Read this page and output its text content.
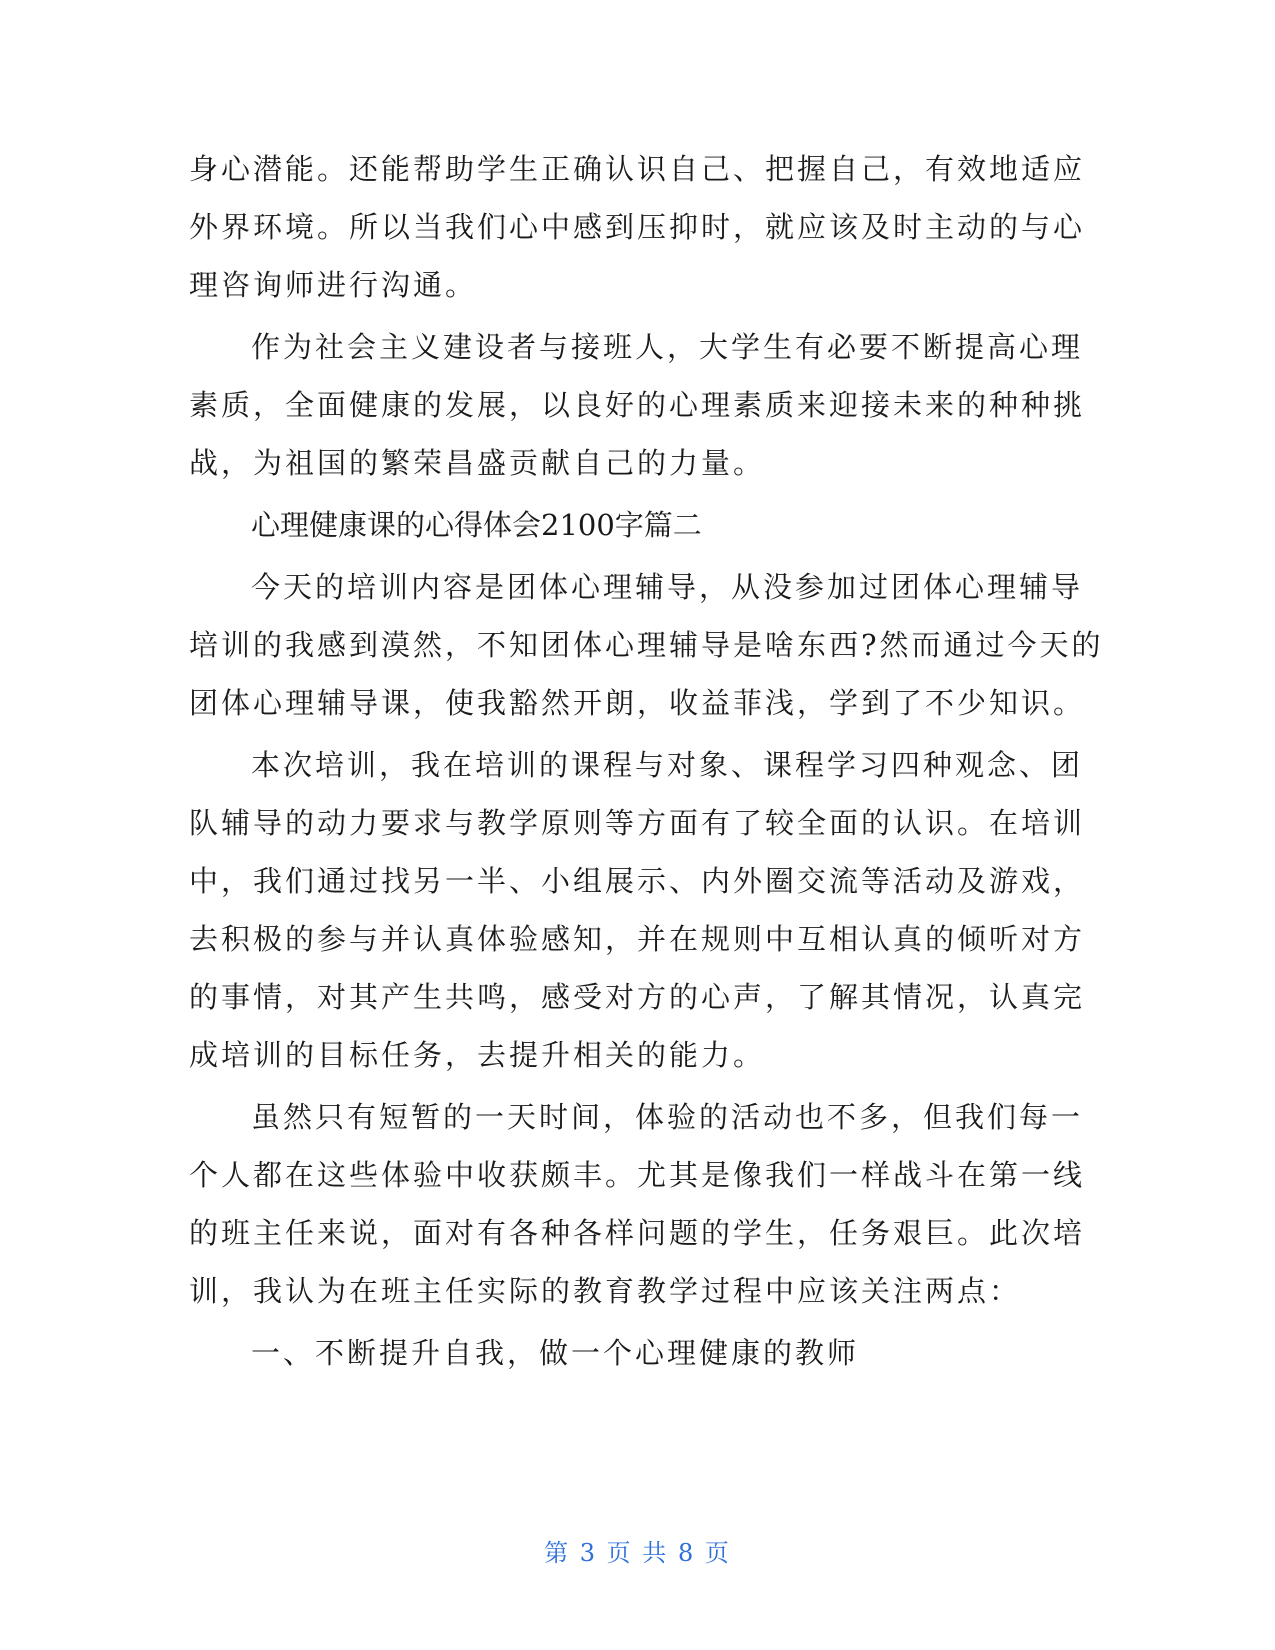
身心潜能。还能帮助学生正确认识自己、把握自己，有效地适应
外界环境。所以当我们心中感到压抑时，就应该及时主动的与心
理咨询师进行沟通。
作为社会主义建设者与接班人，大学生有必要不断提高心理
素质，全面健康的发展，以良好的心理素质来迎接未来的种种挑
战，为祖国的繁荣昌盛贡献自己的力量。
心理健康课的心得体会2100字篇二
今天的培训内容是团体心理辅导，从没参加过团体心理辅导
培训的我感到漠然，不知团体心理辅导是啥东西?然而通过今天的
团体心理辅导课，使我豁然开朗，收益菲浅，学到了不少知识。
本次培训，我在培训的课程与对象、课程学习四种观念、团
队辅导的动力要求与教学原则等方面有了较全面的认识。在培训
中，我们通过找另一半、小组展示、内外圈交流等活动及游戏，
去积极的参与并认真体验感知，并在规则中互相认真的倾听对方
的事情，对其产生共鸣，感受对方的心声，了解其情况，认真完
成培训的目标任务，去提升相关的能力。
虽然只有短暂的一天时间，体验的活动也不多，但我们每一
个人都在这些体验中收获颇丰。尤其是像我们一样战斗在第一线
的班主任来说，面对有各种各样问题的学生，任务艰巨。此次培
训，我认为在班主任实际的教育教学过程中应该关注两点：
一、不断提升自我，做一个心理健康的教师
第 3 页 共 8 页
